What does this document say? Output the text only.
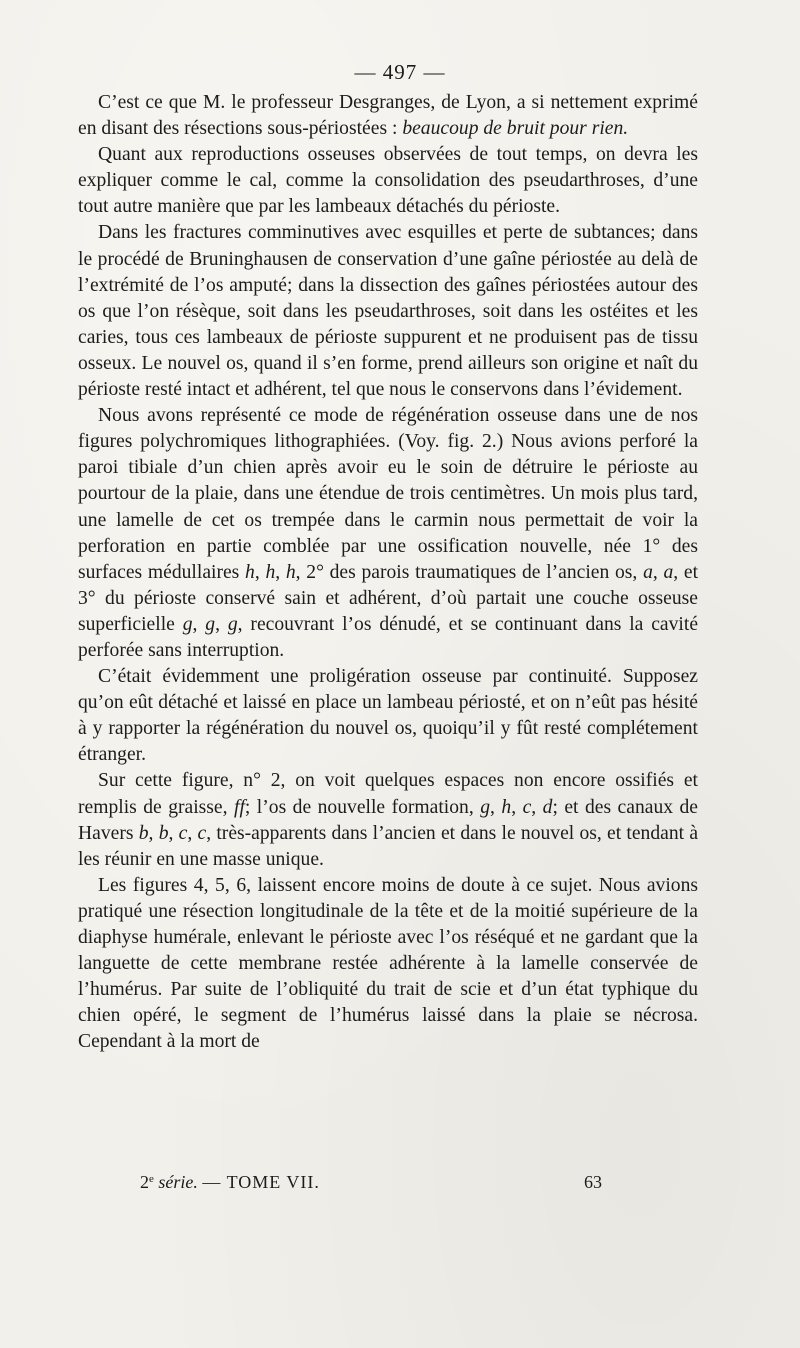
— 497 —

C’est ce que M. le professeur Desgranges, de Lyon, a si nettement exprimé en disant des résections sous-périostées : beaucoup de bruit pour rien.

Quant aux reproductions osseuses observées de tout temps, on devra les expliquer comme le cal, comme la consolidation des pseudarthroses, d’une tout autre manière que par les lambeaux détachés du périoste.

Dans les fractures comminutives avec esquilles et perte de subtances; dans le procédé de Bruninghausen de conservation d’une gaîne périostée au delà de l’extrémité de l’os amputé; dans la dissection des gaînes périostées autour des os que l’on résèque, soit dans les pseudarthroses, soit dans les ostéites et les caries, tous ces lambeaux de périoste suppurent et ne produisent pas de tissu osseux. Le nouvel os, quand il s’en forme, prend ailleurs son origine et naît du périoste resté intact et adhérent, tel que nous le conservons dans l’évidement.

Nous avons représenté ce mode de régénération osseuse dans une de nos figures polychromiques lithographiées. (Voy. fig. 2.) Nous avions perforé la paroi tibiale d’un chien après avoir eu le soin de détruire le périoste au pourtour de la plaie, dans une étendue de trois centimètres. Un mois plus tard, une lamelle de cet os trempée dans le carmin nous permettait de voir la perforation en partie comblée par une ossification nouvelle, née 1° des surfaces médullaires h, h, h, 2° des parois traumatiques de l’ancien os, a, a, et 3° du périoste conservé sain et adhérent, d’où partait une couche osseuse superficielle g, g, g, recouvrant l’os dénudé, et se continuant dans la cavité perforée sans interruption.

C’était évidemment une proligération osseuse par continuité. Supposez qu’on eût détaché et laissé en place un lambeau périosté, et on n’eût pas hésité à y rapporter la régénération du nouvel os, quoiqu’il y fût resté complétement étranger.

Sur cette figure, n° 2, on voit quelques espaces non encore ossifiés et remplis de graisse, ff; l’os de nouvelle formation, g, h, c, d; et des canaux de Havers b, b, c, c, très-apparents dans l’ancien et dans le nouvel os, et tendant à les réunir en une masse unique.

Les figures 4, 5, 6, laissent encore moins de doute à ce sujet. Nous avions pratiqué une résection longitudinale de la tête et de la moitié supérieure de la diaphyse humérale, enlevant le périoste avec l’os réséqué et ne gardant que la languette de cette membrane restée adhérente à la lamelle conservée de l’humérus. Par suite de l’obliquité du trait de scie et d’un état typhique du chien opéré, le segment de l’humérus laissé dans la plaie se nécrosa. Cependant à la mort de

2e série. — TOME VII.	63
